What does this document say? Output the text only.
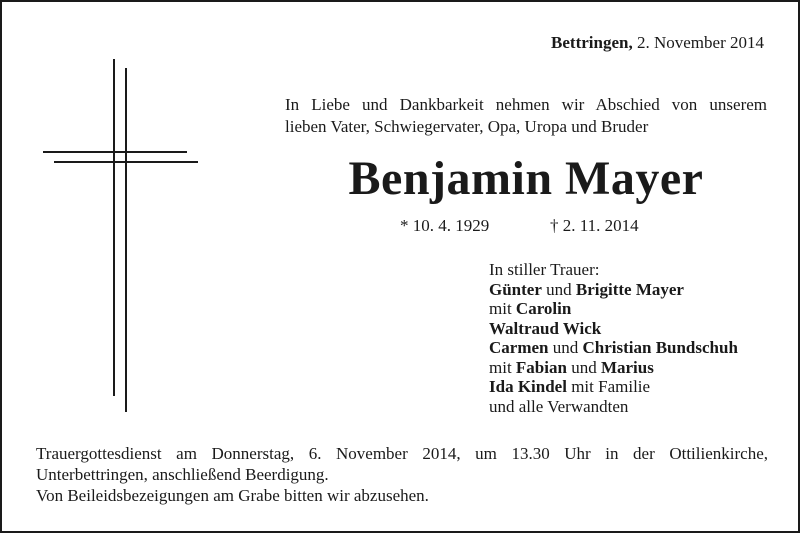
Bettringen, 2. November 2014
In Liebe und Dankbarkeit nehmen wir Abschied von unserem
lieben Vater, Schwiegervater, Opa, Uropa und Bruder
Benjamin Mayer
* 10. 4. 1929	† 2. 11. 2014
In stiller Trauer:
Günter und Brigitte Mayer
mit Carolin
Waltraud Wick
Carmen und Christian Bundschuh
mit Fabian und Marius
Ida Kindel mit Familie
und alle Verwandten
Trauergottesdienst am Donnerstag, 6. November 2014, um 13.30 Uhr in der Ottilienkirche,
Unterbettringen, anschließend Beerdigung.
Von Beileidsbezeigungen am Grabe bitten wir abzusehen.
